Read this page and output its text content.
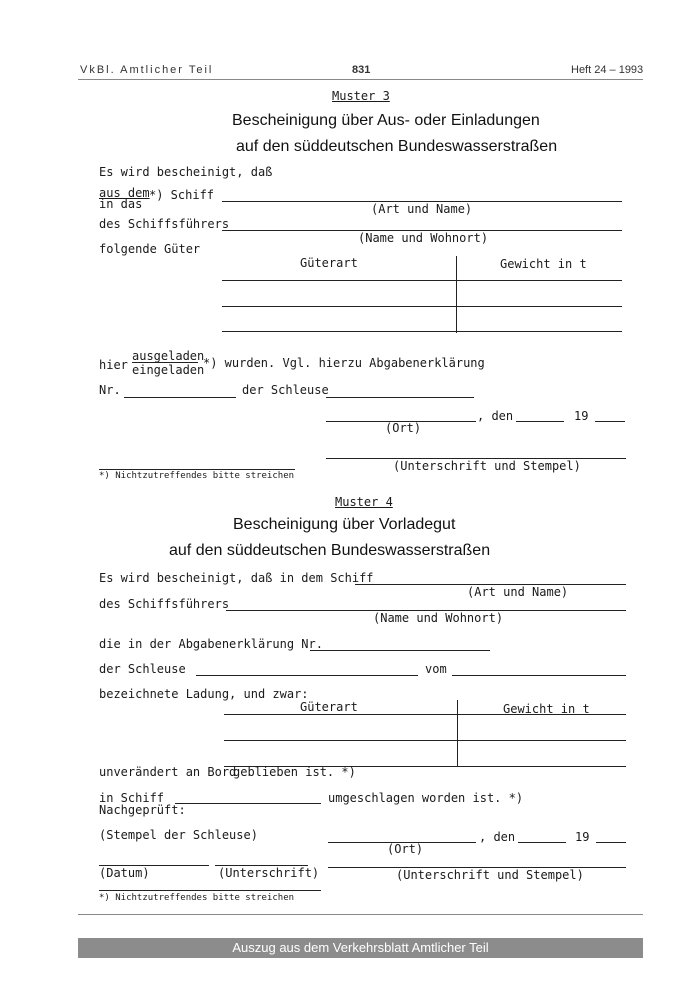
VkBl. Amtlicher Teil	831	Heft 24 – 1993
Muster 3
Bescheinigung über Aus- oder Einladungen
auf den süddeutschen Bundeswasserstraßen
Es wird bescheinigt, daß
aus dem
in das
*) Schiff
(Art und Name)
des Schiffsführers
(Name und Wohnort)
folgende Güter
Güterart	Gewicht in t
hier
ausgeladen
eingeladen
*) wurden. Vgl. hierzu Abgabenerklärung
Nr.	der Schleuse
, den	19
(Ort)
(Unterschrift und Stempel)
*) Nichtzutreffendes bitte streichen
Muster 4
Bescheinigung über Vorladegut
auf den süddeutschen Bundeswasserstraßen
Es wird bescheinigt, daß in dem Schiff
(Art und Name)
des Schiffsführers
(Name und Wohnort)
die in der Abgabenerklärung Nr.
der Schleuse	vom
bezeichnete Ladung, und zwar:
Güterart	Gewicht in t
unverändert an Bord
geblieben ist. *)
in Schiff	umgeschlagen worden ist. *)
Nachgeprüft:
(Stempel der Schleuse)	, den	19
(Ort)
(Datum)	(Unterschrift)	(Unterschrift und Stempel)
*) Nichtzutreffendes bitte streichen
Auszug aus dem Verkehrsblatt Amtlicher Teil
